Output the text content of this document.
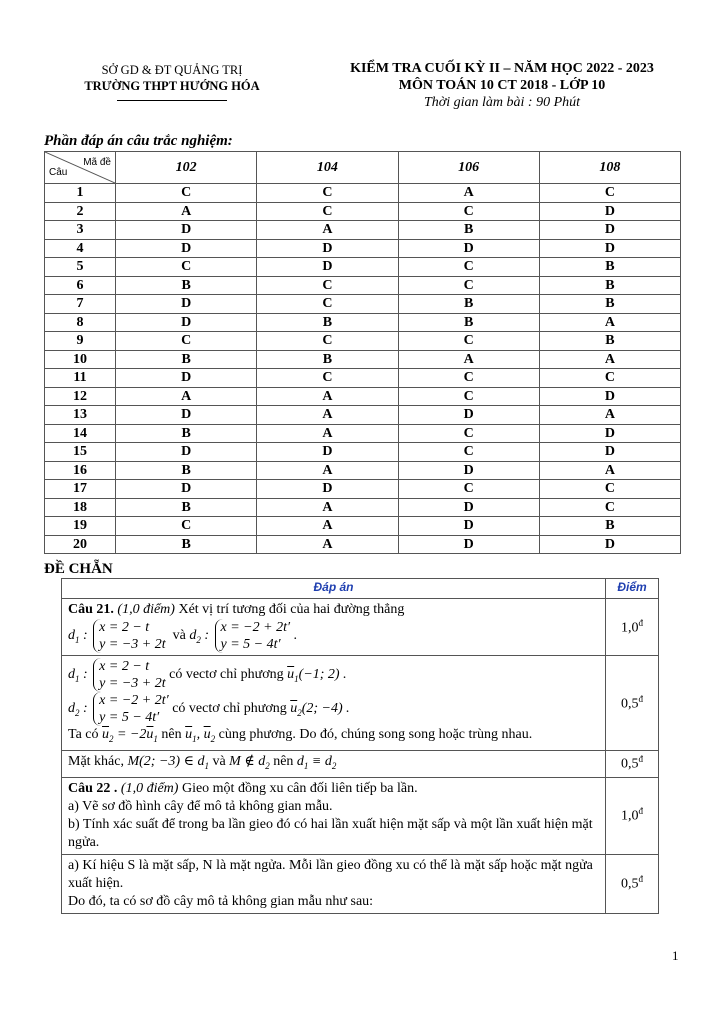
SỞ GD & ĐT QUẢNG TRỊ
TRƯỜNG THPT HƯỚNG HÓA
KIỂM TRA CUỐI KỲ II – NĂM HỌC 2022 - 2023
MÔN TOÁN 10 CT 2018 - LỚP 10
Thời gian làm bài : 90 Phút
Phần đáp án câu trắc nghiệm:
Mã đề
Câu	102	104	106	108
1	C	C	A	C
2	A	C	C	D
3	D	A	B	D
4	D	D	D	D
5	C	D	C	B
6	B	C	C	B
7	D	C	B	B
8	D	B	B	A
9	C	C	C	B
10	B	B	A	A
11	D	C	C	C
12	A	A	C	D
13	D	A	D	A
14	B	A	C	D
15	D	D	C	D
16	B	A	D	A
17	D	D	C	C
18	B	A	D	C
19	C	A	D	B
20	B	A	D	D
ĐỀ CHẴN
Đáp án	Điểm
Câu 21. (1,0 điểm) Xét vị trí tương đối của hai đường thẳng
$d_1$ : x = 2 − t
y = −3 + 2t  và $d_2$ : x = −2 + 2t′
y = 5 − 4t′ .	$1,0^đ$
$d_1$ : x = 2 − t
y = −3 + 2t có vectơ chỉ phương $\overline{u}_1(-1$; 2) .
$d_2$ : x = −2 + 2t′
y = 5 − 4t′ có vectơ chỉ phương $\overline{u}_2(2$; −4) .
Ta có $\overline{u}_2 = -2\overline{u}_1$ nên $\overline{u}_1$, $\overline{u}_2$ cùng phương. Do đó, chúng song song hoặc trùng nhau.	$0,5^đ$
Mặt khác, M(2; −3) ∈ $d_1$ và M ∉ $d_2$ nên $d_1 \equiv d_2$	$0,5^đ$
Câu 22 . (1,0 điểm) Gieo một đồng xu cân đối liên tiếp ba lần.
a) Vẽ sơ đồ hình cây để mô tả không gian mẫu.
b) Tính xác suất để trong ba lần gieo đó có hai lần xuất hiện mặt sấp và một lần xuất hiện mặt ngửa.	$1,0^đ$
a) Kí hiệu S là mặt sấp, N là mặt ngửa. Mỗi lần gieo đồng xu có thể là mặt sấp hoặc mặt ngửa xuất hiện.
Do đó, ta có sơ đồ cây mô tả không gian mẫu như sau:	$0,5^đ$
1
